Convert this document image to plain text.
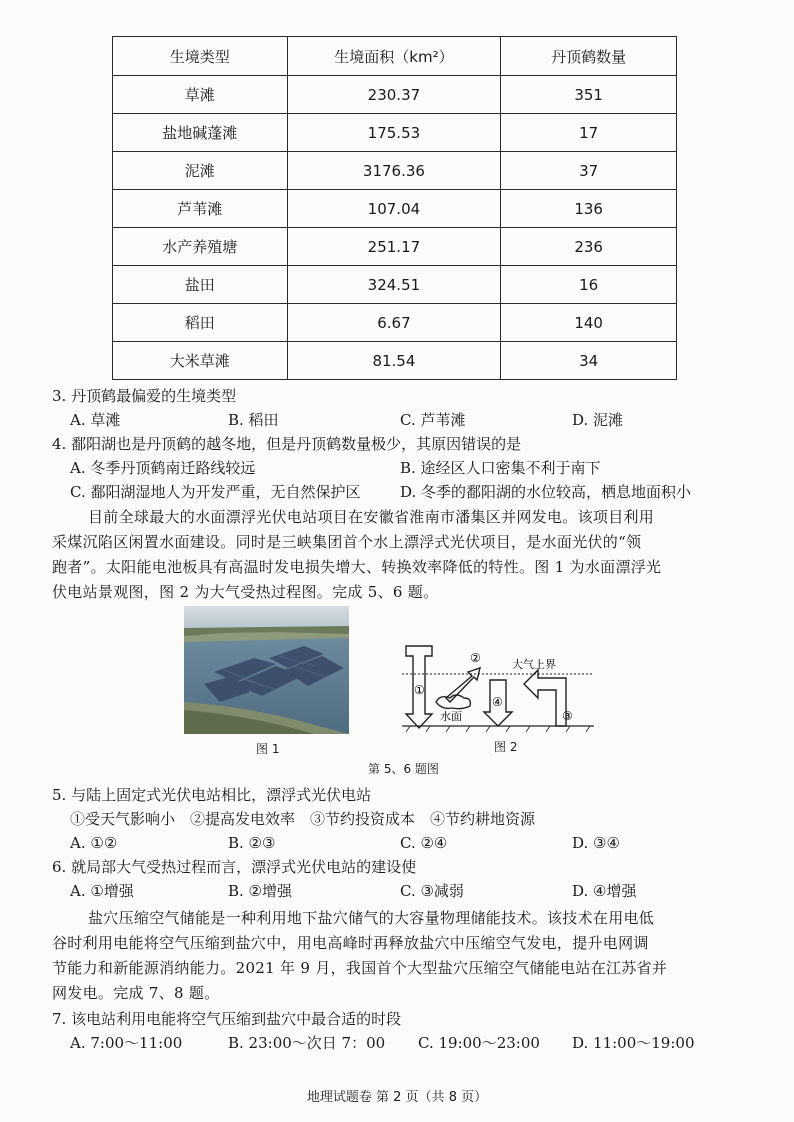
生境类型	生境面积（km²）	丹顶鹤数量
草滩	230.37	351
盐地碱蓬滩	175.53	17
泥滩	3176.36	37
芦苇滩	107.04	136
水产养殖塘	251.17	236
盐田	324.51	16
稻田	6.67	140
大米草滩	81.54	34
3. 丹顶鹤最偏爱的生境类型
A. 草滩	B. 稻田	C. 芦苇滩	D. 泥滩
4. 鄱阳湖也是丹顶鹤的越冬地，但是丹顶鹤数量极少，其原因错误的是
A. 冬季丹顶鹤南迁路线较远	B. 途经区人口密集不利于南下
C. 鄱阳湖湿地人为开发严重，无自然保护区	D. 冬季的鄱阳湖的水位较高，栖息地面积小
目前全球最大的水面漂浮光伏电站项目在安徽省淮南市潘集区并网发电。该项目利用
采煤沉陷区闲置水面建设。同时是三峡集团首个水上漂浮式光伏项目，是水面光伏的“领
跑者”。太阳能电池板具有高温时发电损失增大、转换效率降低的特性。图 1 为水面漂浮光
伏电站景观图，图 2 为大气受热过程图。完成 5、6 题。
图 1
①
②
④
③
大气上界
水面
图 2
第 5、6 题图
5. 与陆上固定式光伏电站相比，漂浮式光伏电站
①受天气影响小　②提高发电效率　③节约投资成本　④节约耕地资源
A. ①②	B. ②③	C. ②④	D. ③④
6. 就局部大气受热过程而言，漂浮式光伏电站的建设使
A. ①增强	B. ②增强	C. ③减弱	D. ④增强
盐穴压缩空气储能是一种利用地下盐穴储气的大容量物理储能技术。该技术在用电低
谷时利用电能将空气压缩到盐穴中，用电高峰时再释放盐穴中压缩空气发电，提升电网调
节能力和新能源消纳能力。2021 年 9 月，我国首个大型盐穴压缩空气储能电站在江苏省并
网发电。完成 7、8 题。
7. 该电站利用电能将空气压缩到盐穴中最合适的时段
A. 7:00～11:00	B. 23:00～次日 7：00 C. 19:00～23:00 D. 11:00～19:00
地理试题卷 第 2 页（共 8 页）
